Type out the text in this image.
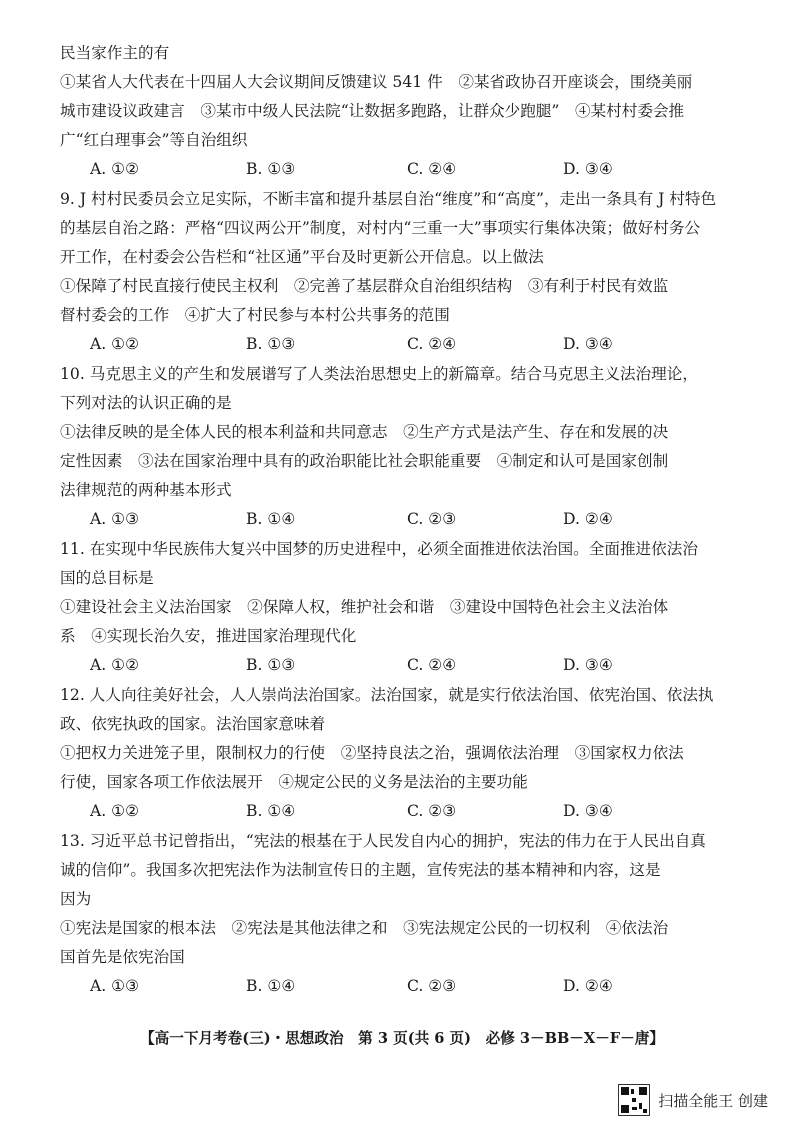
民当家作主的有
①某省人大代表在十四届人大会议期间反馈建议 541 件　②某省政协召开座谈会，围绕美丽
城市建设议政建言　③某市中级人民法院“让数据多跑路，让群众少跑腿”　④某村村委会推
广“红白理事会”等自治组织
A. ①②	B. ①③	C. ②④	D. ③④
9. J 村村民委员会立足实际，不断丰富和提升基层自治“维度”和“高度”，走出一条具有 J 村特色
的基层自治之路：严格“四议两公开”制度，对村内“三重一大”事项实行集体决策；做好村务公
开工作，在村委会公告栏和“社区通”平台及时更新公开信息。以上做法
①保障了村民直接行使民主权利　②完善了基层群众自治组织结构　③有利于村民有效监
督村委会的工作　④扩大了村民参与本村公共事务的范围
A. ①②	B. ①③	C. ②④	D. ③④
10. 马克思主义的产生和发展谱写了人类法治思想史上的新篇章。结合马克思主义法治理论，
下列对法的认识正确的是
①法律反映的是全体人民的根本利益和共同意志　②生产方式是法产生、存在和发展的决
定性因素　③法在国家治理中具有的政治职能比社会职能重要　④制定和认可是国家创制
法律规范的两种基本形式
A. ①③	B. ①④	C. ②③	D. ②④
11. 在实现中华民族伟大复兴中国梦的历史进程中，必须全面推进依法治国。全面推进依法治
国的总目标是
①建设社会主义法治国家　②保障人权，维护社会和谐　③建设中国特色社会主义法治体
系　④实现长治久安，推进国家治理现代化
A. ①②	B. ①③	C. ②④	D. ③④
12. 人人向往美好社会，人人崇尚法治国家。法治国家，就是实行依法治国、依宪治国、依法执
政、依宪执政的国家。法治国家意味着
①把权力关进笼子里，限制权力的行使　②坚持良法之治，强调依法治理　③国家权力依法
行使，国家各项工作依法展开　④规定公民的义务是法治的主要功能
A. ①②	B. ①④	C. ②③	D. ③④
13. 习近平总书记曾指出，“宪法的根基在于人民发自内心的拥护，宪法的伟力在于人民出自真
诚的信仰”。我国多次把宪法作为法制宣传日的主题，宣传宪法的基本精神和内容，这是
因为
①宪法是国家的根本法　②宪法是其他法律之和　③宪法规定公民的一切权利　④依法治
国首先是依宪治国
A. ①③	B. ①④	C. ②③	D. ②④
【高一下月考卷(三)・思想政治　第 3 页(共 6 页)　必修 3－BB－X－F－唐】
扫描全能王 创建
